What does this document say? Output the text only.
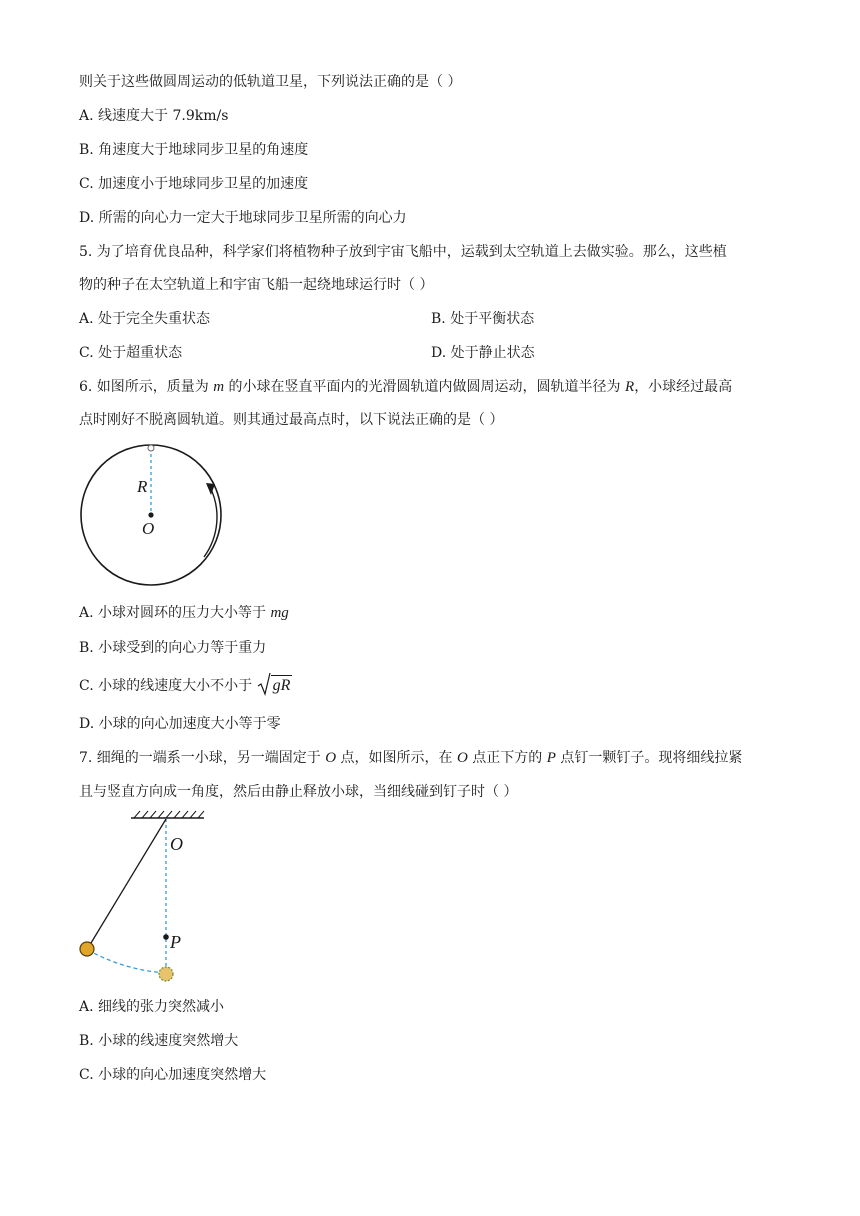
则关于这些做圆周运动的低轨道卫星，下列说法正确的是（ ）
A. 线速度大于 7.9km/s
B. 角速度大于地球同步卫星的角速度
C. 加速度小于地球同步卫星的加速度
D. 所需的向心力一定大于地球同步卫星所需的向心力
5. 为了培育优良品种，科学家们将植物种子放到宇宙飞船中，运载到太空轨道上去做实验。那么，这些植
物的种子在太空轨道上和宇宙飞船一起绕地球运行时（ ）
A. 处于完全失重状态	B. 处于平衡状态
C. 处于超重状态	D. 处于静止状态
6. 如图所示，质量为 m 的小球在竖直平面内的光滑圆轨道内做圆周运动，圆轨道半径为 R，小球经过最高
点时刚好不脱离圆轨道。则其通过最高点时，以下说法正确的是（ ）
R
O
A. 小球对圆环的压力大小等于 mg
B. 小球受到的向心力等于重力
C. 小球的线速度大小不小于
gR
D. 小球的向心加速度大小等于零
7. 细绳的一端系一小球，另一端固定于 O 点，如图所示，在 O 点正下方的 P 点钉一颗钉子。现将细线拉紧
且与竖直方向成一角度，然后由静止释放小球，当细线碰到钉子时（ ）
O
P
A. 细线的张力突然减小
B. 小球的线速度突然增大
C. 小球的向心加速度突然增大
